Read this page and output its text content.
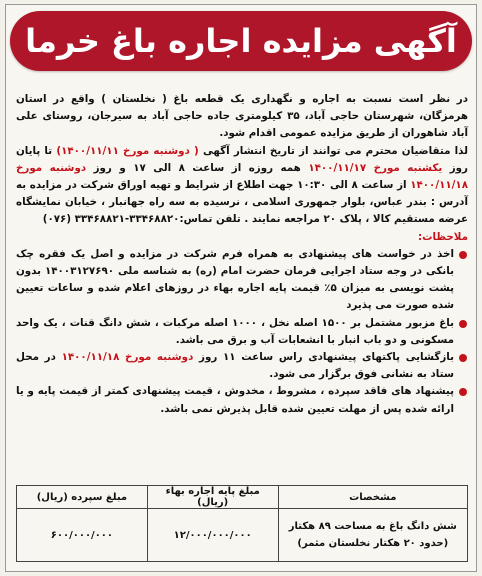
آگهی مزایده اجاره باغ خرما

در نظر است نسبت به اجاره و نگهداری یک قطعه باغ ( نخلستان ) واقع در استان هرمزگان، شهرستان حاجی آباد، ۳۵ کیلومتری جاده حاجی آباد به سیرجان، روستای علی آباد شاهوران از طریق مزایده عمومی اقدام شود.

لذا متقاضیان محترم می توانند از تاریخ انتشار آگهی ( دوشنبه مورخ ۱۴۰۰/۱۱/۱۱) تا پایان روز یکشنبه مورخ ۱۴۰۰/۱۱/۱۷ همه روزه از ساعت ۸ الی ۱۷ و روز دوشنبه مورخ ۱۴۰۰/۱۱/۱۸ از ساعت ۸ الی ۱۰:۳۰ جهت اطلاع از شرایط و تهیه اوراق شرکت در مزایده به آدرس : بندر عباس، بلوار جمهوری اسلامی ، نرسیده به سه راه جهانبار ، خیابان نمایشگاه عرضه مستقیم کالا ، پلاک ۲۰ مراجعه نمایند . تلفن تماس:۳۳۴۶۸۸۲۰-۳۳۴۶۸۸۲۱ (۰۷۶)

ملاحظات:

اخذ در خواست های پیشنهادی به همراه فرم شرکت در مزایده و اصل یک فقره چک بانکی در وجه ستاد اجرایی فرمان حضرت امام (ره) به شناسه ملی ۱۴۰۰۳۱۲۷۶۹۰ بدون پشت نویسی به میزان ۵٪ قیمت پایه اجاره بهاء در روزهای اعلام شده و ساعات تعیین شده صورت می پذیرد
باغ مزبور مشتمل بر ۱۵۰۰ اصله نخل ، ۱۰۰۰ اصله مرکبات ، شش دانگ قنات ، یک واحد مسکونی و دو باب انبار با انشعابات آب و برق می باشد.
بازگشایی پاکتهای پیشنهادی راس ساعت ۱۱ روز دوشنبه مورخ ۱۴۰۰/۱۱/۱۸ در محل ستاد به نشانی فوق برگزار می شود.
پیشنهاد های فاقد سپرده ، مشروط ، مخدوش ، قیمت پیشنهادی کمتر از قیمت پایه و یا ارائه شده پس از مهلت تعیین شده قابل پذیرش نمی باشد.
مشخصات	مبلغ پایه اجاره بهاء (ریال)	مبلغ سپرده (ریال)

شش دانگ باغ به مساحت ۸۹ هکتار
(حدود ۲۰ هکتار نخلستان مثمر)	۱۲/۰۰۰/۰۰۰/۰۰۰	۶۰۰/۰۰۰/۰۰۰
